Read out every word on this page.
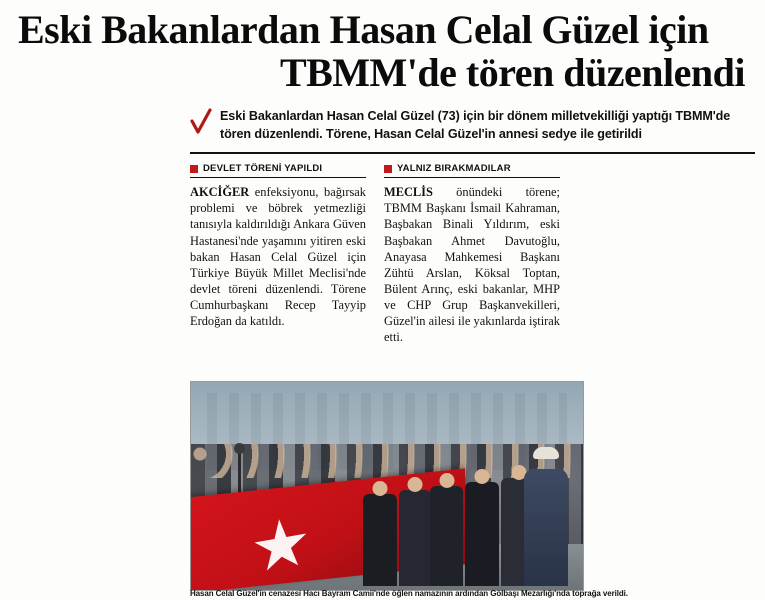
Eski Bakanlardan Hasan Celal Güzel için
TBMM'de tören düzenlendi
Eski Bakanlardan Hasan Celal Güzel (73) için bir dönem milletvekilliği yaptığı TBMM'de tören düzenlendi. Törene, Hasan Celal Güzel'in annesi sedye ile getirildi
DEVLET TÖRENİ YAPILDI
AKCİĞER enfeksiyonu, bağırsak problemi ve böbrek yetmezliği tanısıyla kaldırıldığı Ankara Güven Hastanesi'nde yaşamını yitiren eski bakan Hasan Celal Güzel için Türkiye Büyük Millet Meclisi'nde devlet töreni düzenlendi. Törene Cumhurbaşkanı Recep Tayyip Erdoğan da katıldı.
YALNIZ BIRAKMADILAR
MECLİS önündeki törene; TBMM Başkanı İsmail Kahraman, Başbakan Binali Yıldırım, eski Başbakan Ahmet Davutoğlu, Anayasa Mahkemesi Başkanı Zühtü Arslan, Köksal Toptan, Bülent Arınç, eski bakanlar, MHP ve CHP Grup Başkanvekilleri, Güzel'in ailesi ile yakınlarda iştirak etti.
Hasan Celal Güzel'in cenazesi Hacı Bayram Camii'nde öğlen namazının ardından Gölbaşı Mezarlığı'nda toprağa verildi.
